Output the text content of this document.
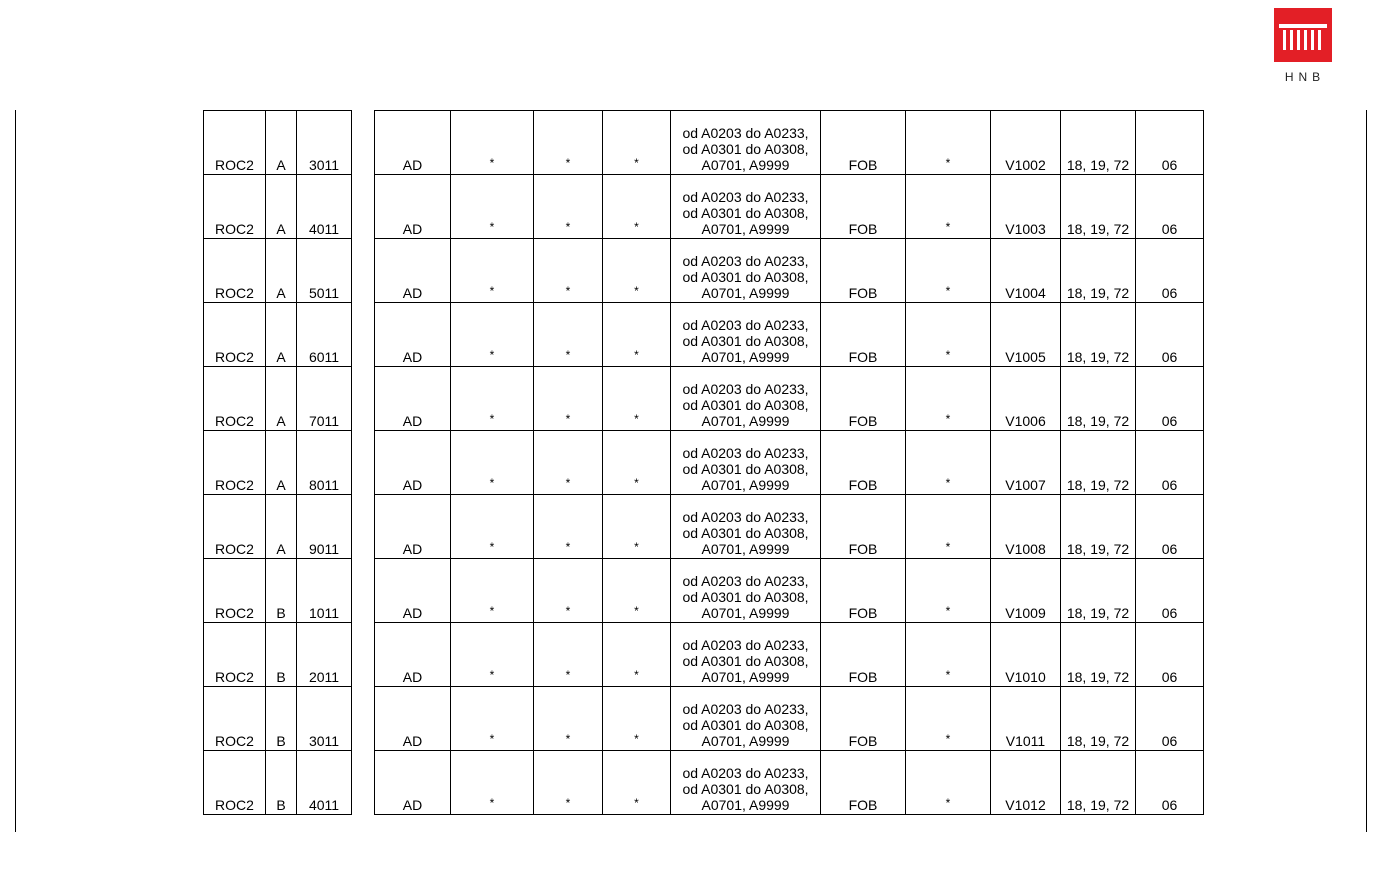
HNB
ROC2	A	3011		AD	*	*	*	od A0203 do A0233, od A0301 do A0308, A0701, A9999	FOB	*	V1002	18, 19, 72	06
ROC2	A	4011		AD	*	*	*	od A0203 do A0233, od A0301 do A0308, A0701, A9999	FOB	*	V1003	18, 19, 72	06
ROC2	A	5011		AD	*	*	*	od A0203 do A0233, od A0301 do A0308, A0701, A9999	FOB	*	V1004	18, 19, 72	06
ROC2	A	6011		AD	*	*	*	od A0203 do A0233, od A0301 do A0308, A0701, A9999	FOB	*	V1005	18, 19, 72	06
ROC2	A	7011		AD	*	*	*	od A0203 do A0233, od A0301 do A0308, A0701, A9999	FOB	*	V1006	18, 19, 72	06
ROC2	A	8011		AD	*	*	*	od A0203 do A0233, od A0301 do A0308, A0701, A9999	FOB	*	V1007	18, 19, 72	06
ROC2	A	9011		AD	*	*	*	od A0203 do A0233, od A0301 do A0308, A0701, A9999	FOB	*	V1008	18, 19, 72	06
ROC2	B	1011		AD	*	*	*	od A0203 do A0233, od A0301 do A0308, A0701, A9999	FOB	*	V1009	18, 19, 72	06
ROC2	B	2011		AD	*	*	*	od A0203 do A0233, od A0301 do A0308, A0701, A9999	FOB	*	V1010	18, 19, 72	06
ROC2	B	3011		AD	*	*	*	od A0203 do A0233, od A0301 do A0308, A0701, A9999	FOB	*	V1011	18, 19, 72	06
ROC2	B	4011		AD	*	*	*	od A0203 do A0233, od A0301 do A0308, A0701, A9999	FOB	*	V1012	18, 19, 72	06
